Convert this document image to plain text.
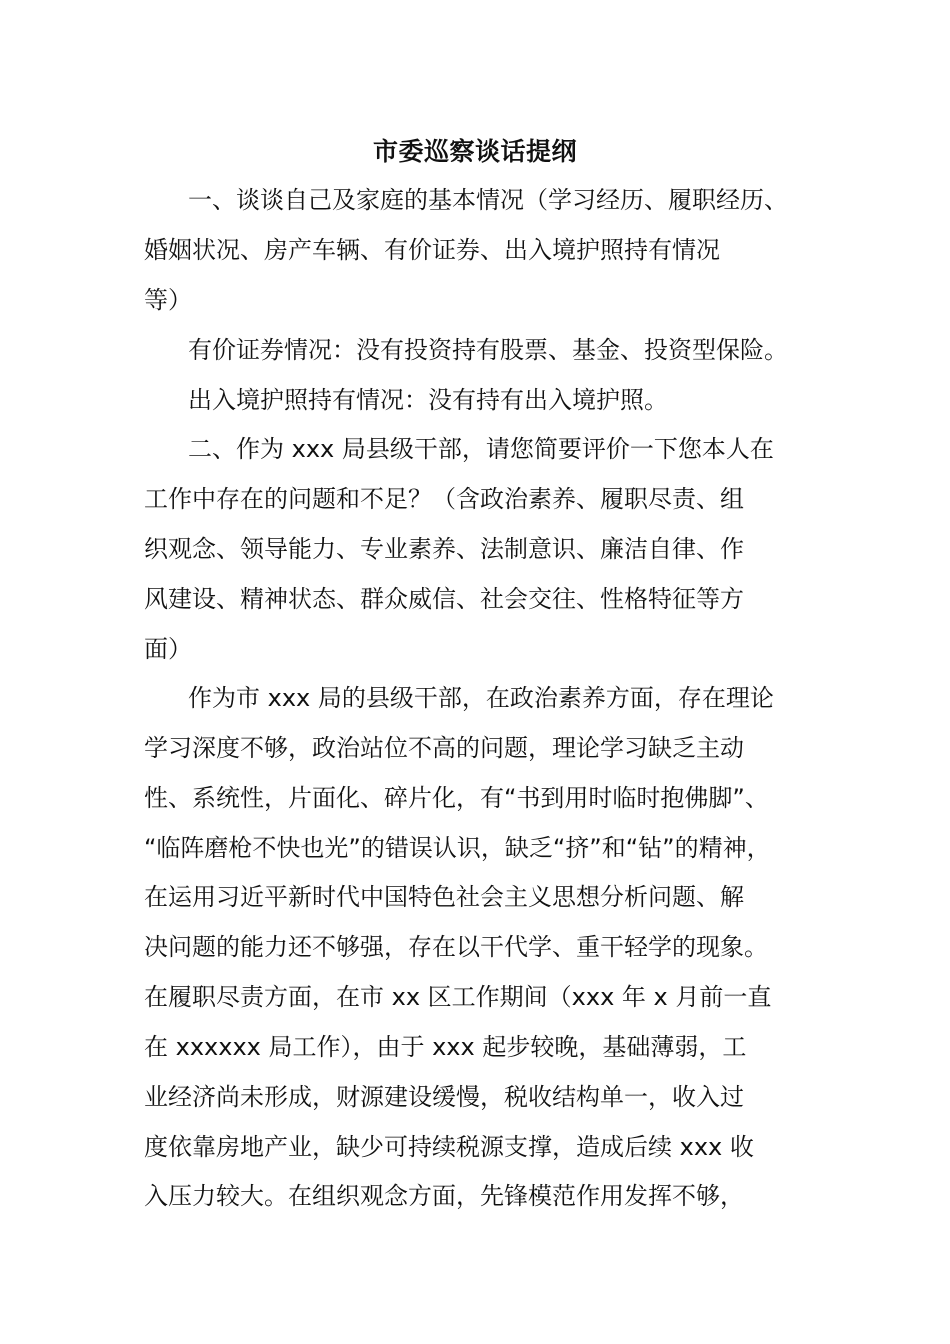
市委巡察谈话提纲
一、谈谈自己及家庭的基本情况（学习经历、履职经历、
婚姻状况、房产车辆、有价证券、出入境护照持有情况
等）
有价证券情况：没有投资持有股票、基金、投资型保险。
出入境护照持有情况：没有持有出入境护照。
二、作为 xxx 局县级干部，请您简要评价一下您本人在
工作中存在的问题和不足？（含政治素养、履职尽责、组
织观念、领导能力、专业素养、法制意识、廉洁自律、作
风建设、精神状态、群众威信、社会交往、性格特征等方
面）
作为市 xxx 局的县级干部，在政治素养方面，存在理论
学习深度不够，政治站位不高的问题，理论学习缺乏主动
性、系统性，片面化、碎片化，有“书到用时临时抱佛脚”、
“临阵磨枪不快也光”的错误认识，缺乏“挤”和“钻”的精神，
在运用习近平新时代中国特色社会主义思想分析问题、解
决问题的能力还不够强，存在以干代学、重干轻学的现象。
在履职尽责方面，在市 xx 区工作期间（xxx 年 x 月前一直
在 xxxxxx 局工作），由于 xxx 起步较晚，基础薄弱，工
业经济尚未形成，财源建设缓慢，税收结构单一，收入过
度依靠房地产业，缺少可持续税源支撑，造成后续 xxx 收
入压力较大。在组织观念方面，先锋模范作用发挥不够，
